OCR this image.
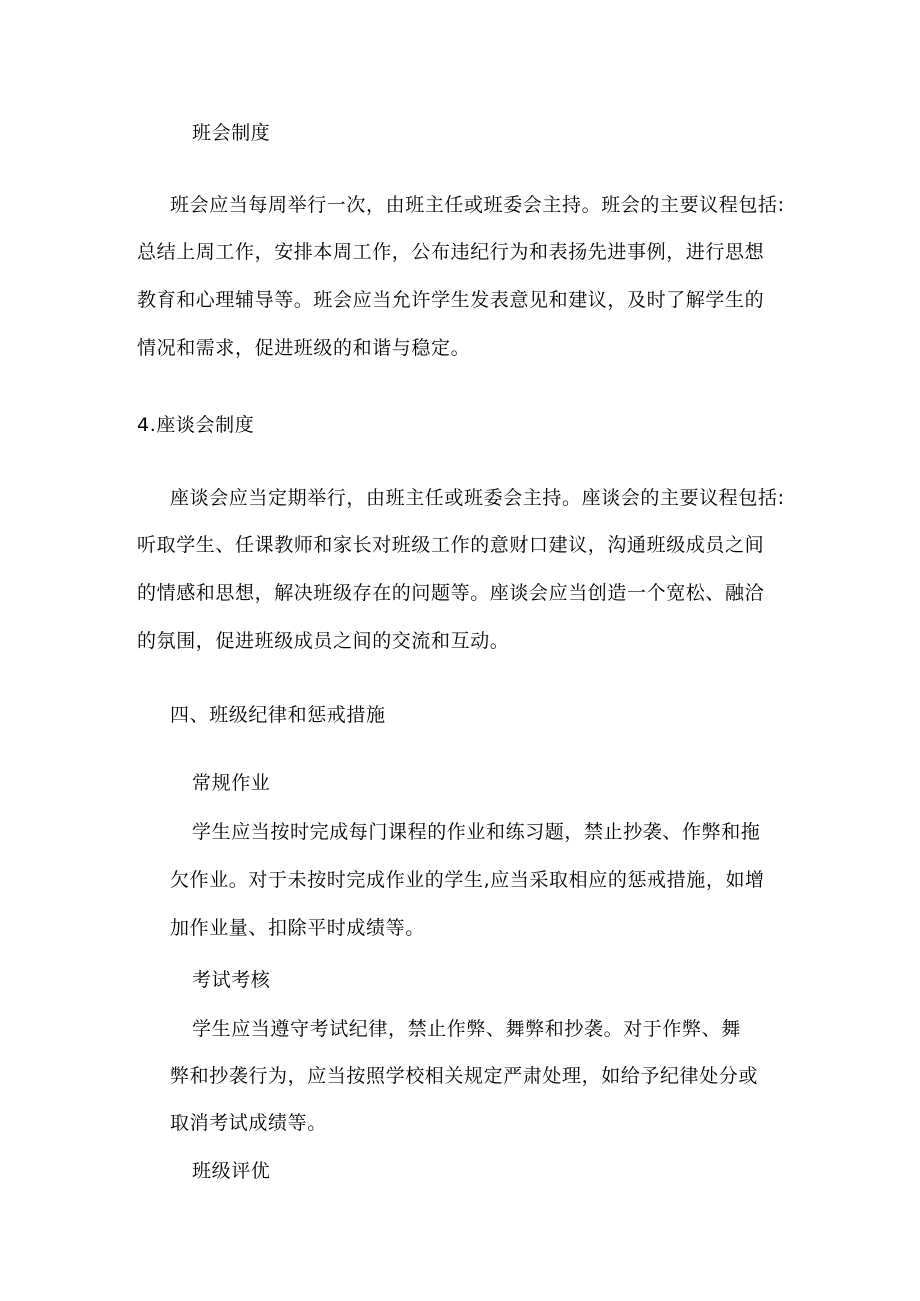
班会制度

班会应当每周举行一次，由班主任或班委会主持。班会的主要议程包括:

总结上周工作，安排本周工作，公布违纪行为和表扬先进事例，进行思想

教育和心理辅导等。班会应当允许学生发表意见和建议，及时了解学生的

情况和需求，促进班级的和谐与稳定。

4.座谈会制度

座谈会应当定期举行，由班主任或班委会主持。座谈会的主要议程包括:

听取学生、任课教师和家长对班级工作的意财口建议，沟通班级成员之间

的情感和思想，解决班级存在的问题等。座谈会应当创造一个宽松、融洽

的氛围，促进班级成员之间的交流和互动。

四、班级纪律和惩戒措施

常规作业

学生应当按时完成每门课程的作业和练习题，禁止抄袭、作弊和拖

欠作业。对于未按时完成作业的学生,应当采取相应的惩戒措施，如增

加作业量、扣除平时成绩等。

考试考核

学生应当遵守考试纪律，禁止作弊、舞弊和抄袭。对于作弊、舞

弊和抄袭行为，应当按照学校相关规定严肃处理，如给予纪律处分或

取消考试成绩等。

班级评优
